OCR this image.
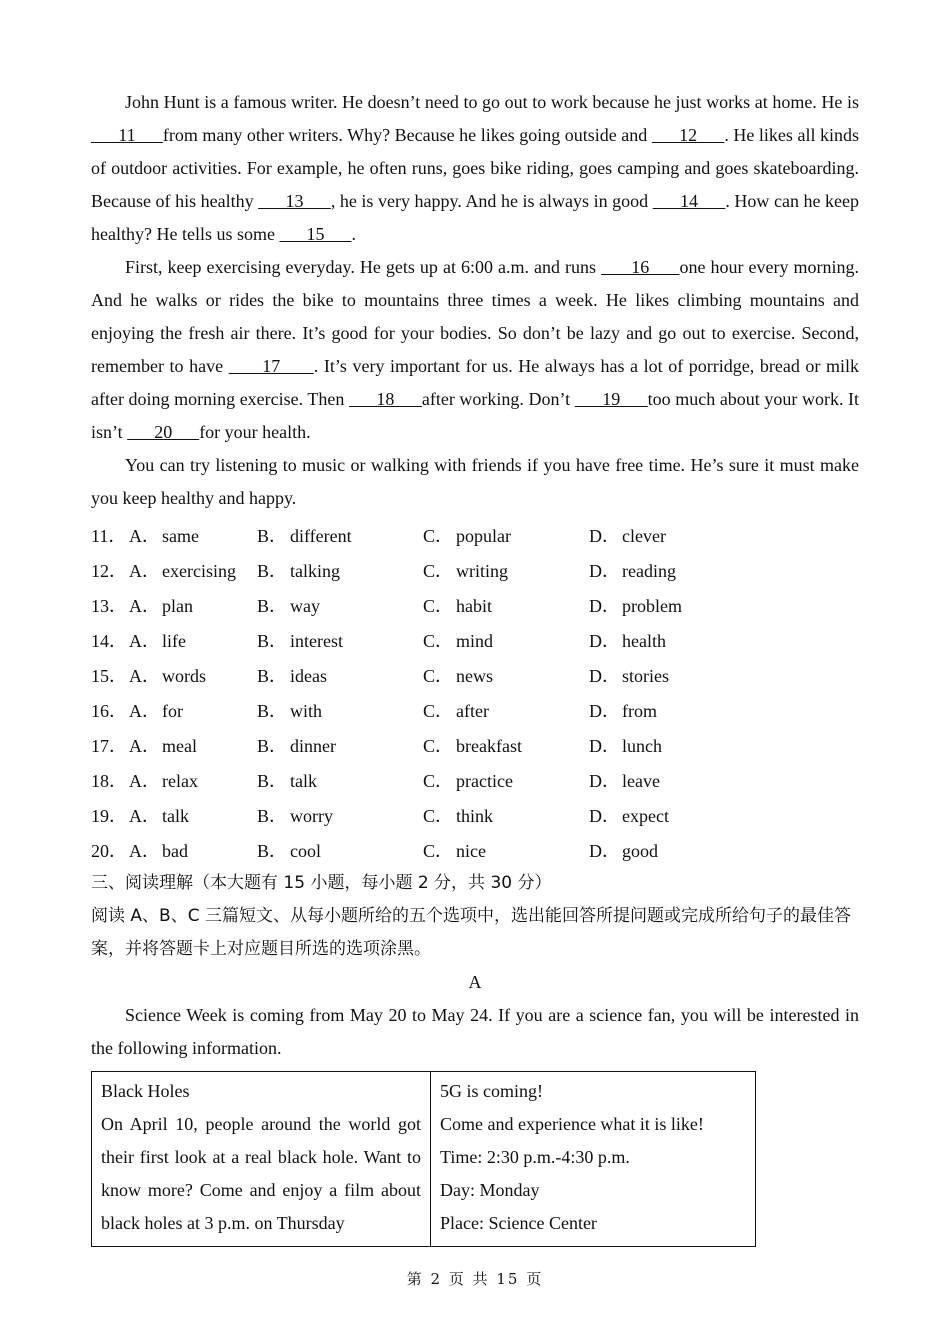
John Hunt is a famous writer. He doesn’t need to go out to work because he just works at home. He is       11      from many other writers. Why? Because he likes going outside and       12      . He likes all kinds of outdoor activities. For example, he often runs, goes bike riding, goes camping and goes skateboarding. Because of his healthy       13      , he is very happy. And he is always in good       14      . How can he keep healthy? He tells us some       15      .

First, keep exercising everyday. He gets up at 6:00 a.m. and runs       16      one hour every morning. And he walks or rides the bike to mountains three times a week. He likes climbing mountains and enjoying the fresh air there. It’s good for your bodies. So don’t be lazy and go out to exercise. Second, remember to have       17      . It’s very important for us. He always has a lot of porridge, bread or milk after doing morning exercise. Then       18      after working. Don’t       19      too much about your work. It isn’t       20      for your health.

You can try listening to music or walking with friends if you have free time. He’s sure it must make you keep healthy and happy.

11． A． same	B． different	C． popular	D． clever
12． A． exercising	B． talking	C． writing	D． reading
13． A． plan	B． way	C． habit	D． problem
14． A． life	B． interest	C． mind	D． health
15． A． words	B． ideas	C． news	D． stories
16． A． for	B． with	C． after	D． from
17． A． meal	B． dinner	C． breakfast	D． lunch
18． A． relax	B． talk	C． practice	D． leave
19． A． talk	B． worry	C． think	D． expect
20． A． bad	B． cool	C． nice	D． good

三、阅读理解（本大题有 15 小题，每小题 2 分，共 30 分）

阅读 A、B、C 三篇短文、从每小题所给的五个选项中，选出能回答所提问题或完成所给句子的最佳答案，并将答题卡上对应题目所选的选项涂黑。

A

Science Week is coming from May 20 to May 24. If you are a science fan, you will be interested in the following information.

Black Holes
On April 10, people around the world got their first look at a real black hole. Want to know more? Come and enjoy a film about black holes at 3 p.m. on Thursday

5G is coming!
Come and experience what it is like!
Time: 2:30 p.m.-4:30 p.m.
Day: Monday
Place: Science Center
第 2 页 共 15 页
